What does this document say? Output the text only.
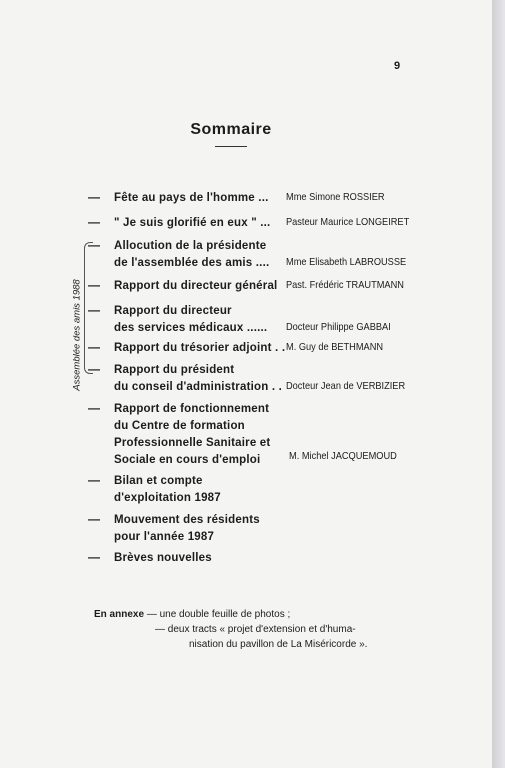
9
Sommaire
Assemblée des amis 1988
— Fête au pays de l'homme ... Mme Simone ROSSIER
— " Je suis glorifié en eux " ... Pasteur Maurice LONGEIRET
— Allocution de la présidente
de l'assemblée des amis .... Mme Elisabeth LABROUSSE
— Rapport du directeur général Past. Frédéric TRAUTMANN
— Rapport du directeur
des services médicaux ...... Docteur Philippe GABBAI
— Rapport du trésorier adjoint . . M. Guy de BETHMANN
— Rapport du président
du conseil d'administration . . Docteur Jean de VERBIZIER
— Rapport de fonctionnement
du Centre de formation
Professionnelle Sanitaire et
Sociale en cours d'emploi	M. Michel JACQUEMOUD
— Bilan et compte
d'exploitation 1987
— Mouvement des résidents
pour l'année 1987
— Brèves nouvelles
En annexe — une double feuille de photos ;
— deux tracts « projet d'extension et d'huma-
nisation du pavillon de La Miséricorde ».
